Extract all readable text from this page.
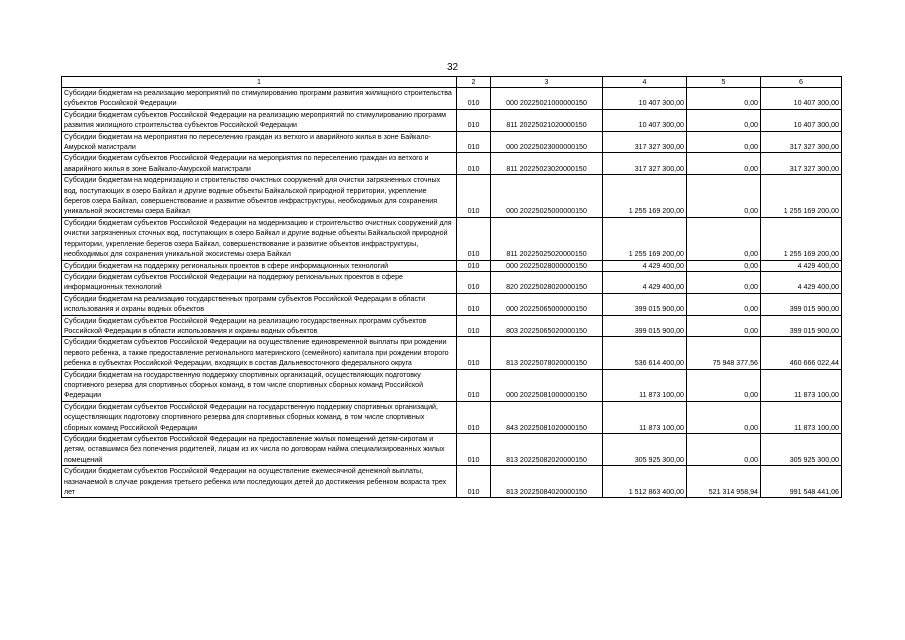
32
1	2	3	4	5	6
Субсидии бюджетам на реализацию мероприятий по стимулированию программ развития жилищного строительства субъектов Российской Федерации	010	000 20225021000000150	10 407 300,00	0,00	10 407 300,00
Субсидии бюджетам субъектов Российской Федерации на реализацию мероприятий по стимулированию программ развития жилищного строительства субъектов Российской Федерации	010	811 20225021020000150	10 407 300,00	0,00	10 407 300,00
Субсидии бюджетам на мероприятия по переселению граждан из ветхого и аварийного жилья в зоне Байкало-Амурской магистрали	010	000 20225023000000150	317 327 300,00	0,00	317 327 300,00
Субсидии бюджетам субъектов Российской Федерации на мероприятия по переселению граждан из ветхого и аварийного жилья в зоне Байкало-Амурской магистрали	010	811 20225023020000150	317 327 300,00	0,00	317 327 300,00
Субсидии бюджетам на модернизацию и строительство очистных сооружений для очистки загрязненных сточных вод, поступающих в озеро Байкал и другие водные объекты Байкальской природной территории, укрепление берегов озера Байкал, совершенствование и развитие объектов инфраструктуры, необходимых для сохранения уникальной экосистемы озера Байкал	010	000 20225025000000150	1 255 169 200,00	0,00	1 255 169 200,00
Субсидии бюджетам субъектов Российской Федерации на модернизацию и строительство очистных сооружений для очистки загрязненных сточных вод, поступающих в озеро Байкал и другие водные объекты Байкальской природной территории, укрепление берегов озера Байкал, совершенствование и развитие объектов инфраструктуры, необходимых для сохранения уникальной экосистемы озера Байкал	010	811 20225025020000150	1 255 169 200,00	0,00	1 255 169 200,00
Субсидии бюджетам на поддержку региональных проектов в сфере информационных технологий	010	000 20225028000000150	4 429 400,00	0,00	4 429 400,00
Субсидии бюджетам субъектов Российской Федерации на поддержку региональных проектов в сфере информационных технологий	010	820 20225028020000150	4 429 400,00	0,00	4 429 400,00
Субсидии бюджетам на реализацию государственных программ субъектов Российской Федерации в области использования и охраны водных объектов	010	000 20225065000000150	399 015 900,00	0,00	399 015 900,00
Субсидии бюджетам субъектов Российской Федерации на реализацию государственных программ субъектов Российской Федерации в области использования и охраны водных объектов	010	803 20225065020000150	399 015 900,00	0,00	399 015 900,00
Субсидии бюджетам субъектов Российской Федерации на осуществление единовременной выплаты при рождении первого ребенка, а также предоставление регионального материнского (семейного) капитала при рождении второго ребенка в субъектах Российской Федерации, входящих в состав Дальневосточного федерального округа	010	813 20225078020000150	536 614 400,00	75 948 377,56	460 666 022,44
Субсидии бюджетам на государственную поддержку спортивных организаций, осуществляющих подготовку спортивного резерва для спортивных сборных команд, в том числе спортивных сборных команд Российской Федерации	010	000 20225081000000150	11 873 100,00	0,00	11 873 100,00
Субсидии бюджетам субъектов Российской Федерации на государственную поддержку спортивных организаций, осуществляющих подготовку спортивного резерва для спортивных сборных команд, в том числе спортивных сборных команд Российской Федерации	010	843 20225081020000150	11 873 100,00	0,00	11 873 100,00
Субсидии бюджетам субъектов Российской Федерации на предоставление жилых помещений детям-сиротам и детям, оставшимся без попечения родителей, лицам из их числа по договорам найма специализированных жилых помещений	010	813 20225082020000150	305 925 300,00	0,00	305 925 300,00
Субсидии бюджетам субъектов Российской Федерации на осуществление ежемесячной денежной выплаты, назначаемой в случае рождения третьего ребенка или последующих детей до достижения ребенком возраста трех лет	010	813 20225084020000150	1 512 863 400,00	521 314 958,94	991 548 441,06
